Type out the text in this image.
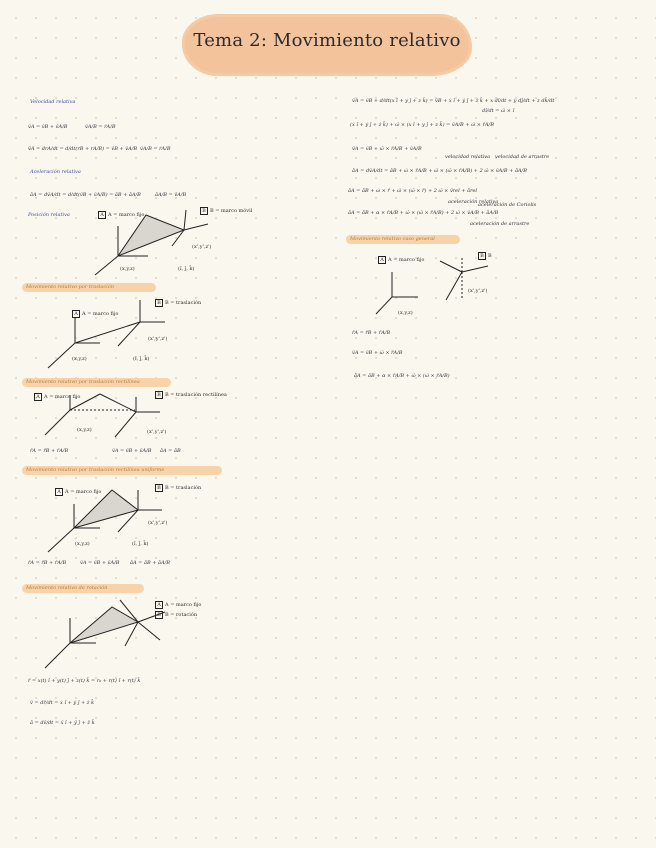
Tema 2: Movimiento relativo
Velocidad relativa
v̄A = v̄B + v̄A/B	v̄A/B = ṙA/B
v̄A = drA/dt = d/dt(rB + rA/B) = v̄B + v̄A/B v̄A/B = ṙA/B
Aceleración relativa
āA = dv̄A/dt = d/dt(v̄B + v̄A/B) = āB + āA/B	āA/B = v̄̇A/B
Posición relativa	A A = marco fijo
B B = marco móvil
(x',y',z')
(x,y,z)	(î, ĵ, k̂)
Movimiento relativo por traslación
A A = marco fijo
B B = traslación
(x',y',z')
(x,y,z)	(î, ĵ, k̂)
Movimiento relativo por traslación rectilínea
A A = marco fijo	B B = traslación rectilínea
(x,y,z)	(x',y',z')
r̄A = r̄B + r̄A/B	v̄A = v̄B + v̄A/B āA = āB
Movimiento relativo por traslación rectilínea uniforme
A A = marco fijo
B B = traslación
(x',y',z')
(x,y,z)	(î, ĵ, k̂)
r̄A = r̄B + r̄A/B	v̄A = v̄B + v̄A/B āA = āB + āA/B
Movimiento relativo de rotación
A A = marco fijo
B B = rotación
r̄ = x(t) î + y(t) ĵ + z(t) k̂ = r₀ + r(t) î + r(t) k̂
v̄ = dr̄/dt = ẋ î + ẏ ĵ + ż k̂
ā = dv̄/dt = ẍ î + ÿ ĵ + z̈ k̂
v̄A = v̄B + d/dt(x î + y ĵ + z k̂) = v̄B + ẋ î + ẏ ĵ + ż k̂ + x dî/dt + y dĵ/dt + z dk̂/dt
dî/dt = ω̄ × î
(ẋ î + ẏ ĵ + ż k̂) + ω̄ × (x î + y ĵ + z k̂) = v̄A/B + ω̄ × r̄A/B
v̄A = v̄B + ω̄ × r̄A/B + v̄A/B
velocidad relativa velocidad de arrastre
āA = dv̄A/dt = āB + ω̇ × r̄A/B + ω̄ × (ω̄ × r̄A/B) + 2 ω̄ × v̄A/B + āA/B
āA = āB + ω̇ × r̄ + ω̄ × (ω̄ × r̄) + 2 ω̄ × v̄rel + ārel
aceleración relativa
āA = āB + α × r̄A/B + ω̄ × (ω̄ × r̄A/B) + 2 ω̄ × v̄A/B + āA/B
aceleración de Coriolis
aceleración de arrastre
Movimiento relativo caso general
A A = marco fijo
B B
(x,y,z)
(x',y',z')
r̄A = r̄B + r̄A/B
v̄A = v̄B + ω̄ × r̄A/B
āA = āB + α × r̄A/B + ω̄ × (ω̄ × r̄A/B)
